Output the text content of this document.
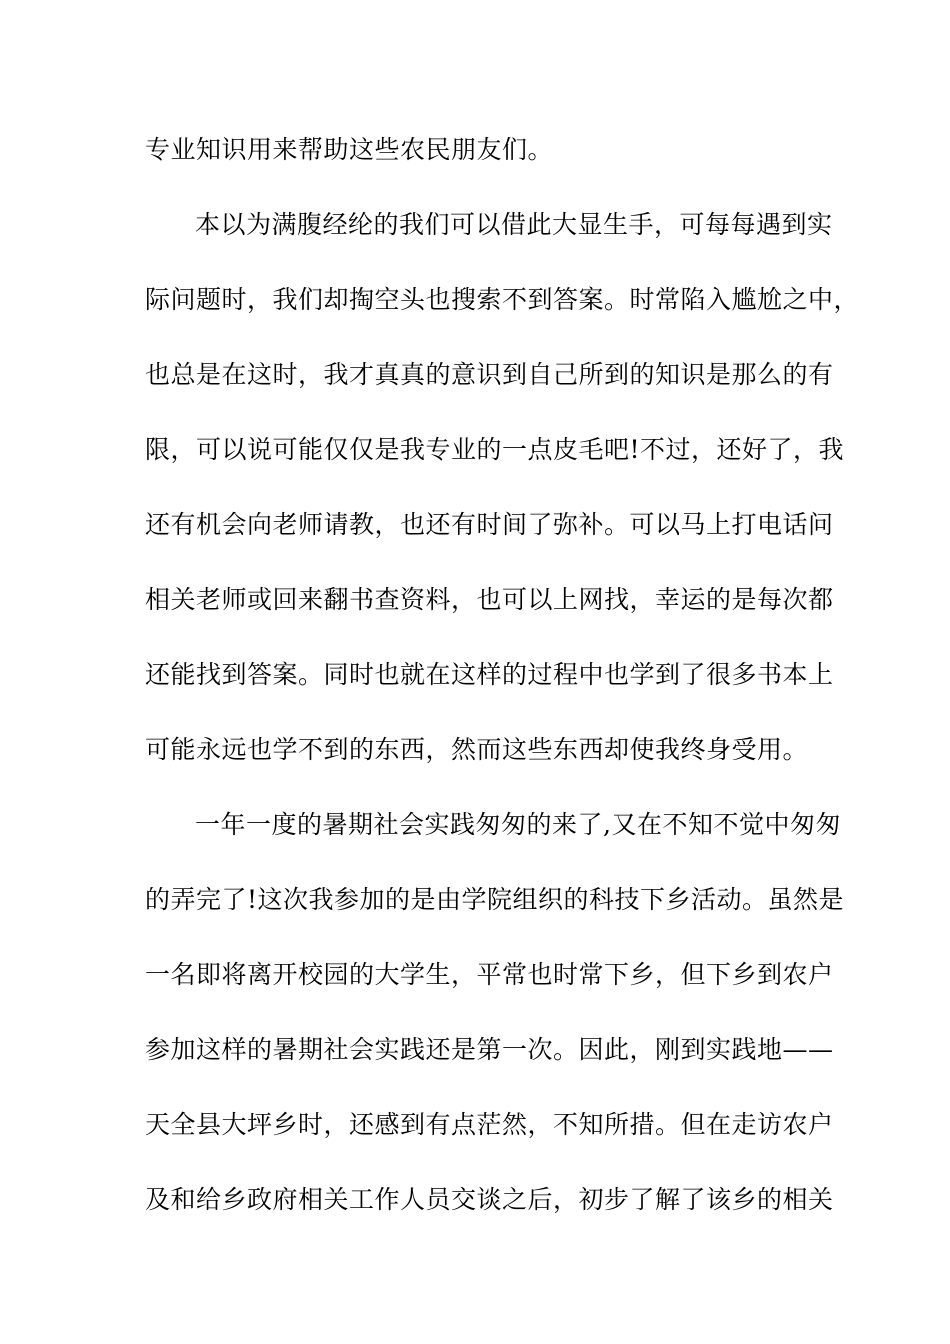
专业知识用来帮助这些农民朋友们。
本以为满腹经纶的我们可以借此大显生手，可每每遇到实
际问题时，我们却掏空头也搜索不到答案。时常陷入尴尬之中，
也总是在这时，我才真真的意识到自己所到的知识是那么的有
限，可以说可能仅仅是我专业的一点皮毛吧!不过，还好了，我
还有机会向老师请教，也还有时间了弥补。可以马上打电话问
相关老师或回来翻书查资料，也可以上网找，幸运的是每次都
还能找到答案。同时也就在这样的过程中也学到了很多书本上
可能永远也学不到的东西，然而这些东西却使我终身受用。
一年一度的暑期社会实践匆匆的来了,又在不知不觉中匆匆
的弄完了!这次我参加的是由学院组织的科技下乡活动。虽然是
一名即将离开校园的大学生，平常也时常下乡，但下乡到农户
参加这样的暑期社会实践还是第一次。因此，刚到实践地——
天全县大坪乡时，还感到有点茫然，不知所措。但在走访农户
及和给乡政府相关工作人员交谈之后，初步了解了该乡的相关
